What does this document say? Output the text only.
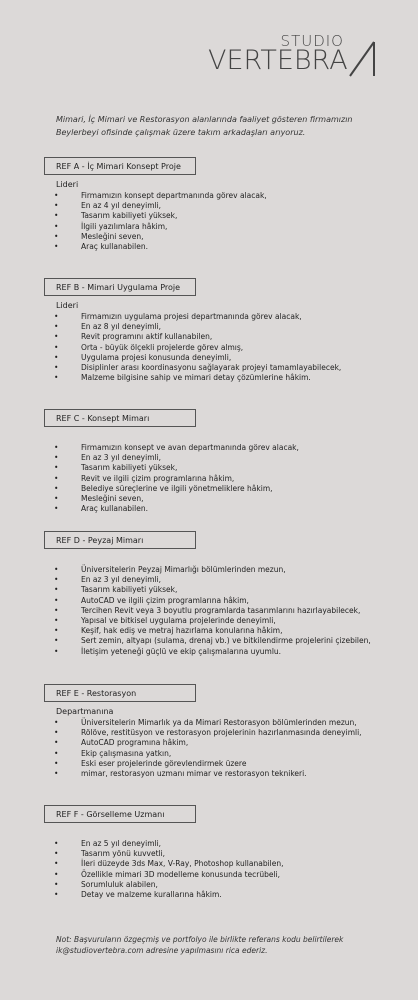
STUDIO
VERTEBRA
Mimari, İç Mimari ve Restorasyon alanlarında faaliyet gösteren firmamızın
Beylerbeyi ofisinde çalışmak üzere takım arkadaşları arıyoruz.
REF A - İç Mimari Konsept Proje Lideri
•	Firmamızın konsept departmanında görev alacak,
•	En az 4 yıl deneyimli,
•	Tasarım kabiliyeti yüksek,
•	İlgili yazılımlara hâkim,
•	Mesleğini seven,
•	Araç kullanabilen.
REF B - Mimari Uygulama Proje Lideri
•	Firmamızın uygulama projesi departmanında görev alacak,
•	En az 8 yıl deneyimli,
•	Revit programını aktif kullanabilen,
•	Orta - büyük ölçekli projelerde görev almış,
•	Uygulama projesi konusunda deneyimli,
•	Disiplinler arası koordinasyonu sağlayarak projeyi tamamlayabilecek,
•	Malzeme bilgisine sahip ve mimari detay çözümlerine hâkim.
REF C - Konsept Mimarı
•	Firmamızın konsept ve avan departmanında görev alacak,
•	En az 3 yıl deneyimli,
•	Tasarım kabiliyeti yüksek,
•	Revit ve ilgili çizim programlarına hâkim,
•	Belediye süreçlerine ve ilgili yönetmeliklere hâkim,
•	Mesleğini seven,
•	Araç kullanabilen.
REF D - Peyzaj Mimarı
•	Üniversitelerin Peyzaj Mimarlığı bölümlerinden mezun,
•	En az 3 yıl deneyimli,
•	Tasarım kabiliyeti yüksek,
•	AutoCAD ve ilgili çizim programlarına hâkim,
•	Tercihen Revit veya 3 boyutlu programlarda tasarımlarını hazırlayabilecek,
•	Yapısal ve bitkisel uygulama projelerinde deneyimli,
•	Keşif, hak ediş ve metraj hazırlama konularına hâkim,
•	Sert zemin, altyapı (sulama, drenaj vb.) ve bitkilendirme projelerini çizebilen,
•	İletişim yeteneği güçlü ve ekip çalışmalarına uyumlu.
REF E - Restorasyon Departmanına
•	Üniversitelerin Mimarlık ya da Mimari Restorasyon bölümlerinden mezun,
•	Rölöve, restitüsyon ve restorasyon projelerinin hazırlanmasında deneyimli,
•	AutoCAD programına hâkim,
•	Ekip çalışmasına yatkın,
•	Eski eser projelerinde görevlendirmek üzere
•	mimar, restorasyon uzmanı mimar ve restorasyon teknikeri.
REF F - Görselleme Uzmanı
•	En az 5 yıl deneyimli,
•	Tasarım yönü kuvvetli,
•	İleri düzeyde 3ds Max, V-Ray, Photoshop kullanabilen,
•	Özellikle mimari 3D modelleme konusunda tecrübeli,
•	Sorumluluk alabilen,
•	Detay ve malzeme kurallarına hâkim.
Not: Başvuruların özgeçmiş ve portfolyo ile birlikte referans kodu belirtilerek
ik@studiovertebra.com adresine yapılmasını rica ederiz.
